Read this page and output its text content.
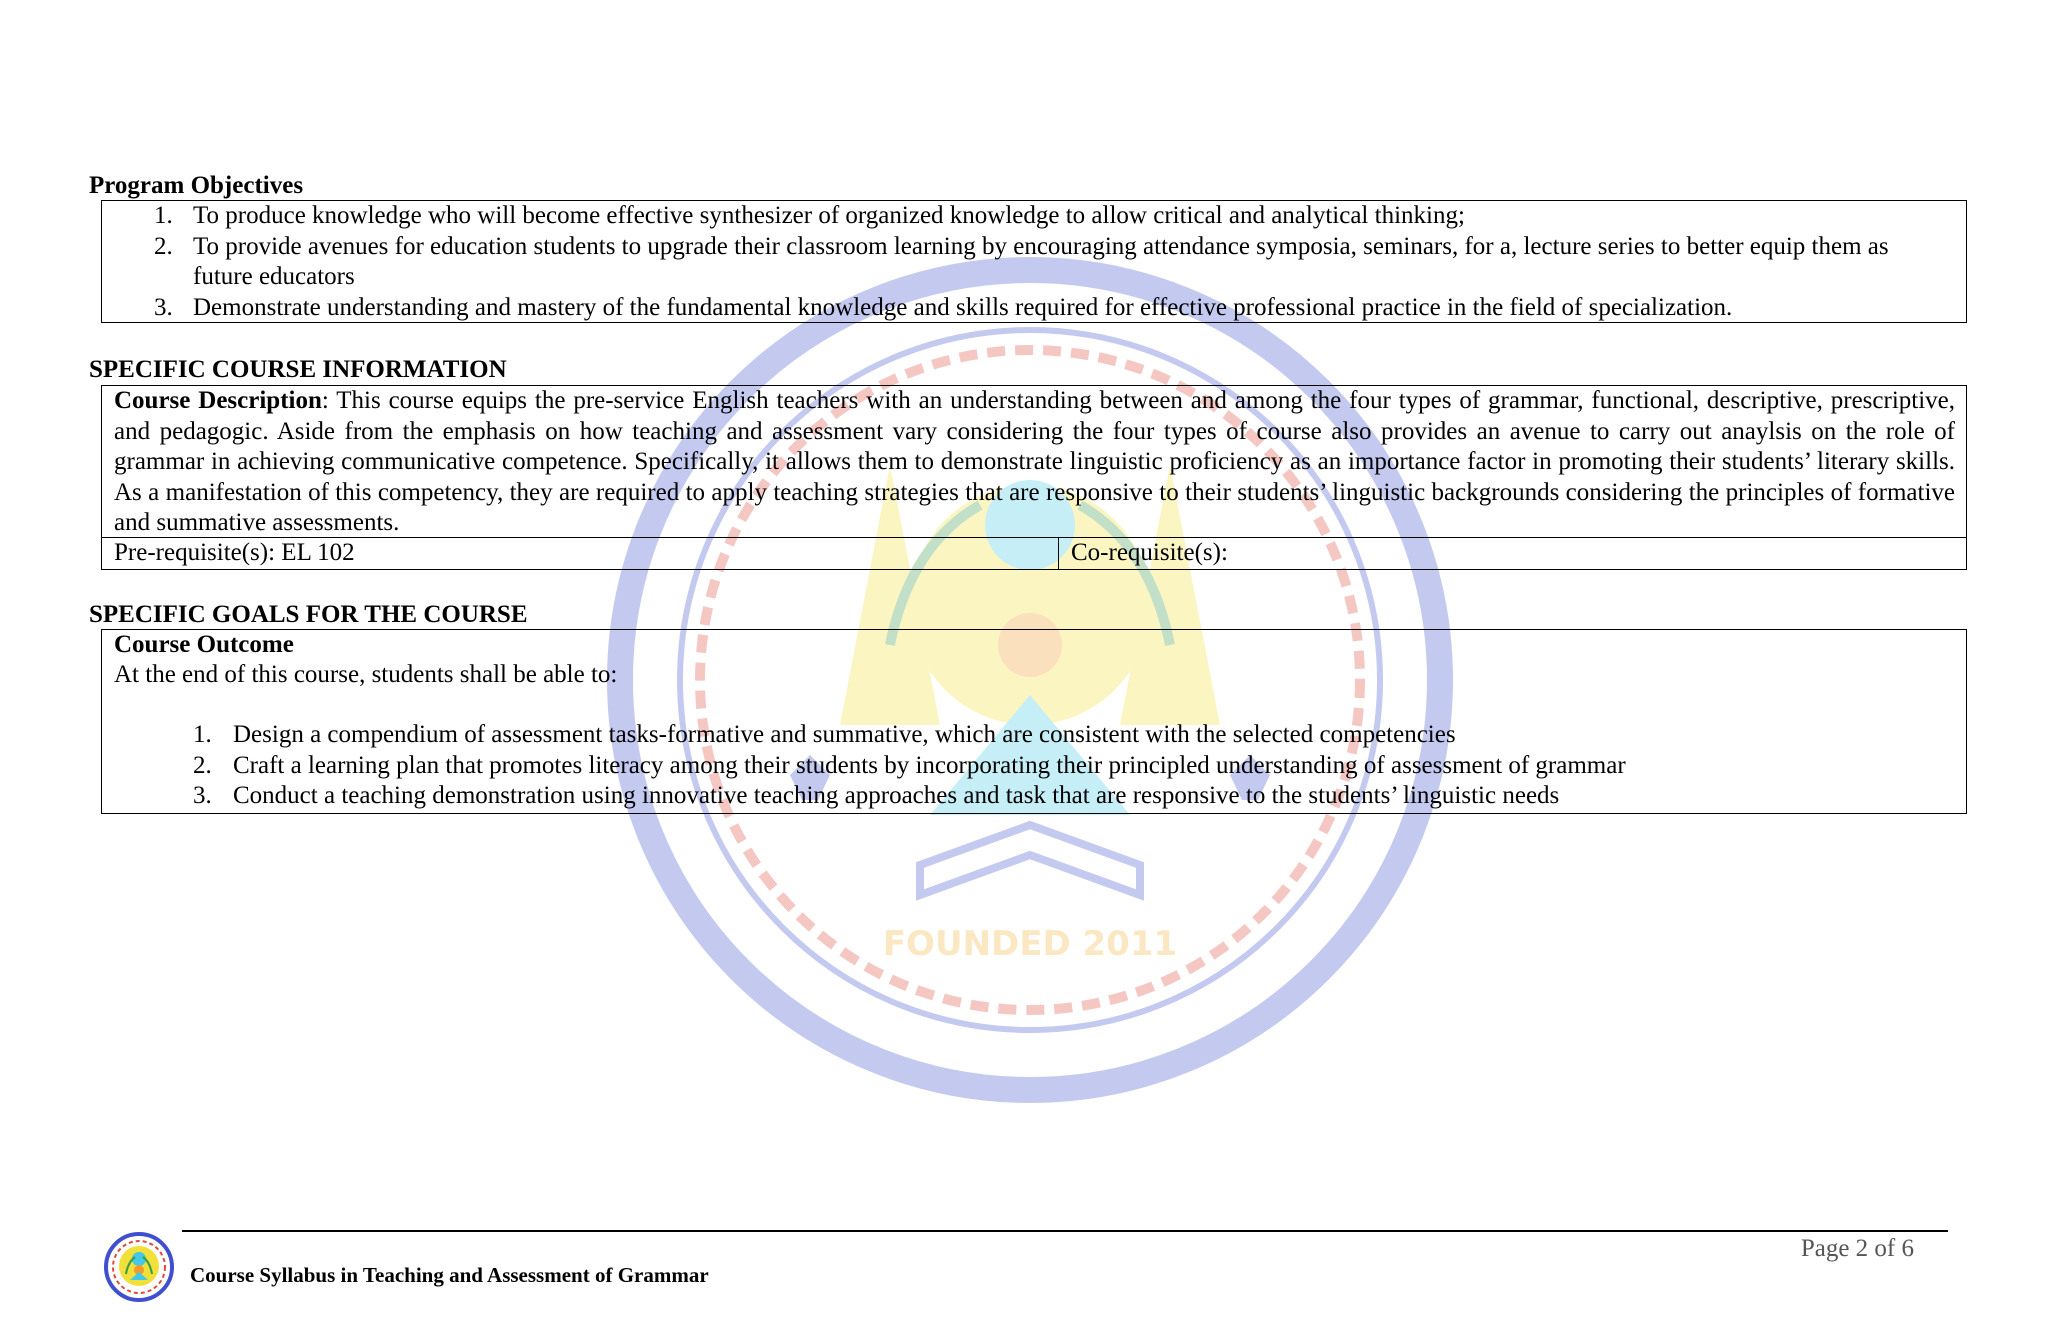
FOUNDED 2011
Program Objectives
1. To produce knowledge who will become effective synthesizer of organized knowledge to allow critical and analytical thinking;
2. To provide avenues for education students to upgrade their classroom learning by encouraging attendance symposia, seminars, for a, lecture series to better equip them as future educators
3. Demonstrate understanding and mastery of the fundamental knowledge and skills required for effective professional practice in the field of specialization.
SPECIFIC COURSE INFORMATION
Course Description: This course equips the pre-service English teachers with an understanding between and among the four types of grammar, functional, descriptive, prescriptive, and pedagogic. Aside from the emphasis on how teaching and assessment vary considering the four types of course also provides an avenue to carry out anaylsis on the role of grammar in achieving communicative competence. Specifically, it allows them to demonstrate linguistic proficiency as an importance factor in promoting their students’ literary skills. As a manifestation of this competency, they are required to apply teaching strategies that are responsive to their students’ linguistic backgrounds considering the principles of formative and summative assessments.
Pre-requisite(s): EL 102	Co-requisite(s):
SPECIFIC GOALS FOR THE COURSE
Course Outcome
At the end of this course, students shall be able to:
1. Design a compendium of assessment tasks-formative and summative, which are consistent with the selected competencies
2. Craft a learning plan that promotes literacy among their students by incorporating their principled understanding of assessment of grammar
3. Conduct a teaching demonstration using innovative teaching approaches and task that are responsive to the students’ linguistic needs
Course Syllabus in Teaching and Assessment of Grammar
Page 2 of 6
